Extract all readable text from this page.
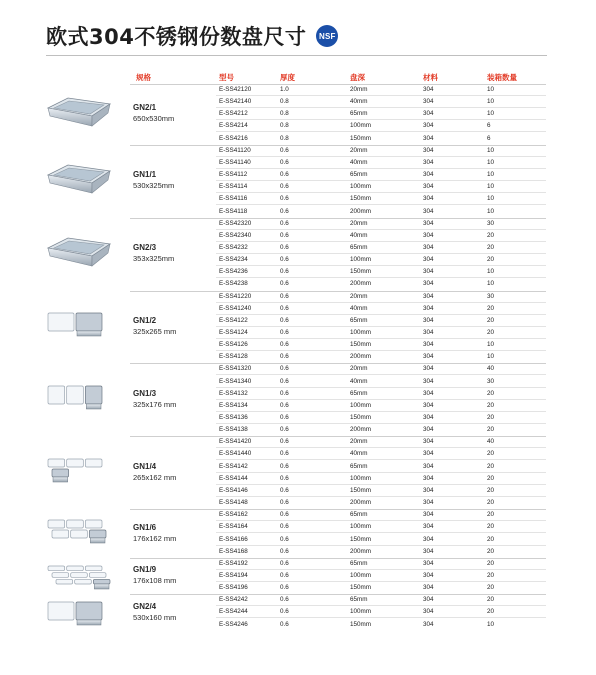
欧式304不锈钢份数盘尺寸	NSF
规格	型号	厚度	盘深	材料	装箱数量
GN2/1
650x530mm
E-SS42120	1.0	20mm	304	10
E-SS42140	0.8	40mm	304	10
E-SS4212	0.8	65mm	304	10
E-SS4214	0.8	100mm	304	6
E-SS4216	0.8	150mm	304	6
GN1/1
530x325mm
E-SS41120	0.6	20mm	304	10
E-SS41140	0.6	40mm	304	10
E-SS4112	0.6	65mm	304	10
E-SS4114	0.6	100mm	304	10
E-SS4116	0.6	150mm	304	10
E-SS4118	0.6	200mm	304	10
GN2/3
353x325mm
E-SS42320	0.6	20mm	304	30
E-SS42340	0.6	40mm	304	20
E-SS4232	0.6	65mm	304	20
E-SS4234	0.6	100mm	304	20
E-SS4236	0.6	150mm	304	10
E-SS4238	0.6	200mm	304	10
GN1/2
325x265 mm
E-SS41220	0.6	20mm	304	30
E-SS41240	0.6	40mm	304	20
E-SS4122	0.6	65mm	304	20
E-SS4124	0.6	100mm	304	20
E-SS4126	0.6	150mm	304	10
E-SS4128	0.6	200mm	304	10
GN1/3
325x176 mm
E-SS41320	0.6	20mm	304	40
E-SS41340	0.6	40mm	304	30
E-SS4132	0.6	65mm	304	20
E-SS4134	0.6	100mm	304	20
E-SS4136	0.6	150mm	304	20
E-SS4138	0.6	200mm	304	20
GN1/4
265x162 mm
E-SS41420	0.6	20mm	304	40
E-SS41440	0.6	40mm	304	20
E-SS4142	0.6	65mm	304	20
E-SS4144	0.6	100mm	304	20
E-SS4146	0.6	150mm	304	20
E-SS4148	0.6	200mm	304	20
GN1/6
176x162 mm
E-SS4162	0.6	65mm	304	20
E-SS4164	0.6	100mm	304	20
E-SS4166	0.6	150mm	304	20
E-SS4168	0.6	200mm	304	20
GN1/9
176x108 mm
E-SS4192	0.6	65mm	304	20
E-SS4194	0.6	100mm	304	20
E-SS4196	0.6	150mm	304	20
GN2/4
530x160 mm
E-SS4242	0.6	65mm	304	20
E-SS4244	0.6	100mm	304	20
E-SS4246	0.6	150mm	304	10
